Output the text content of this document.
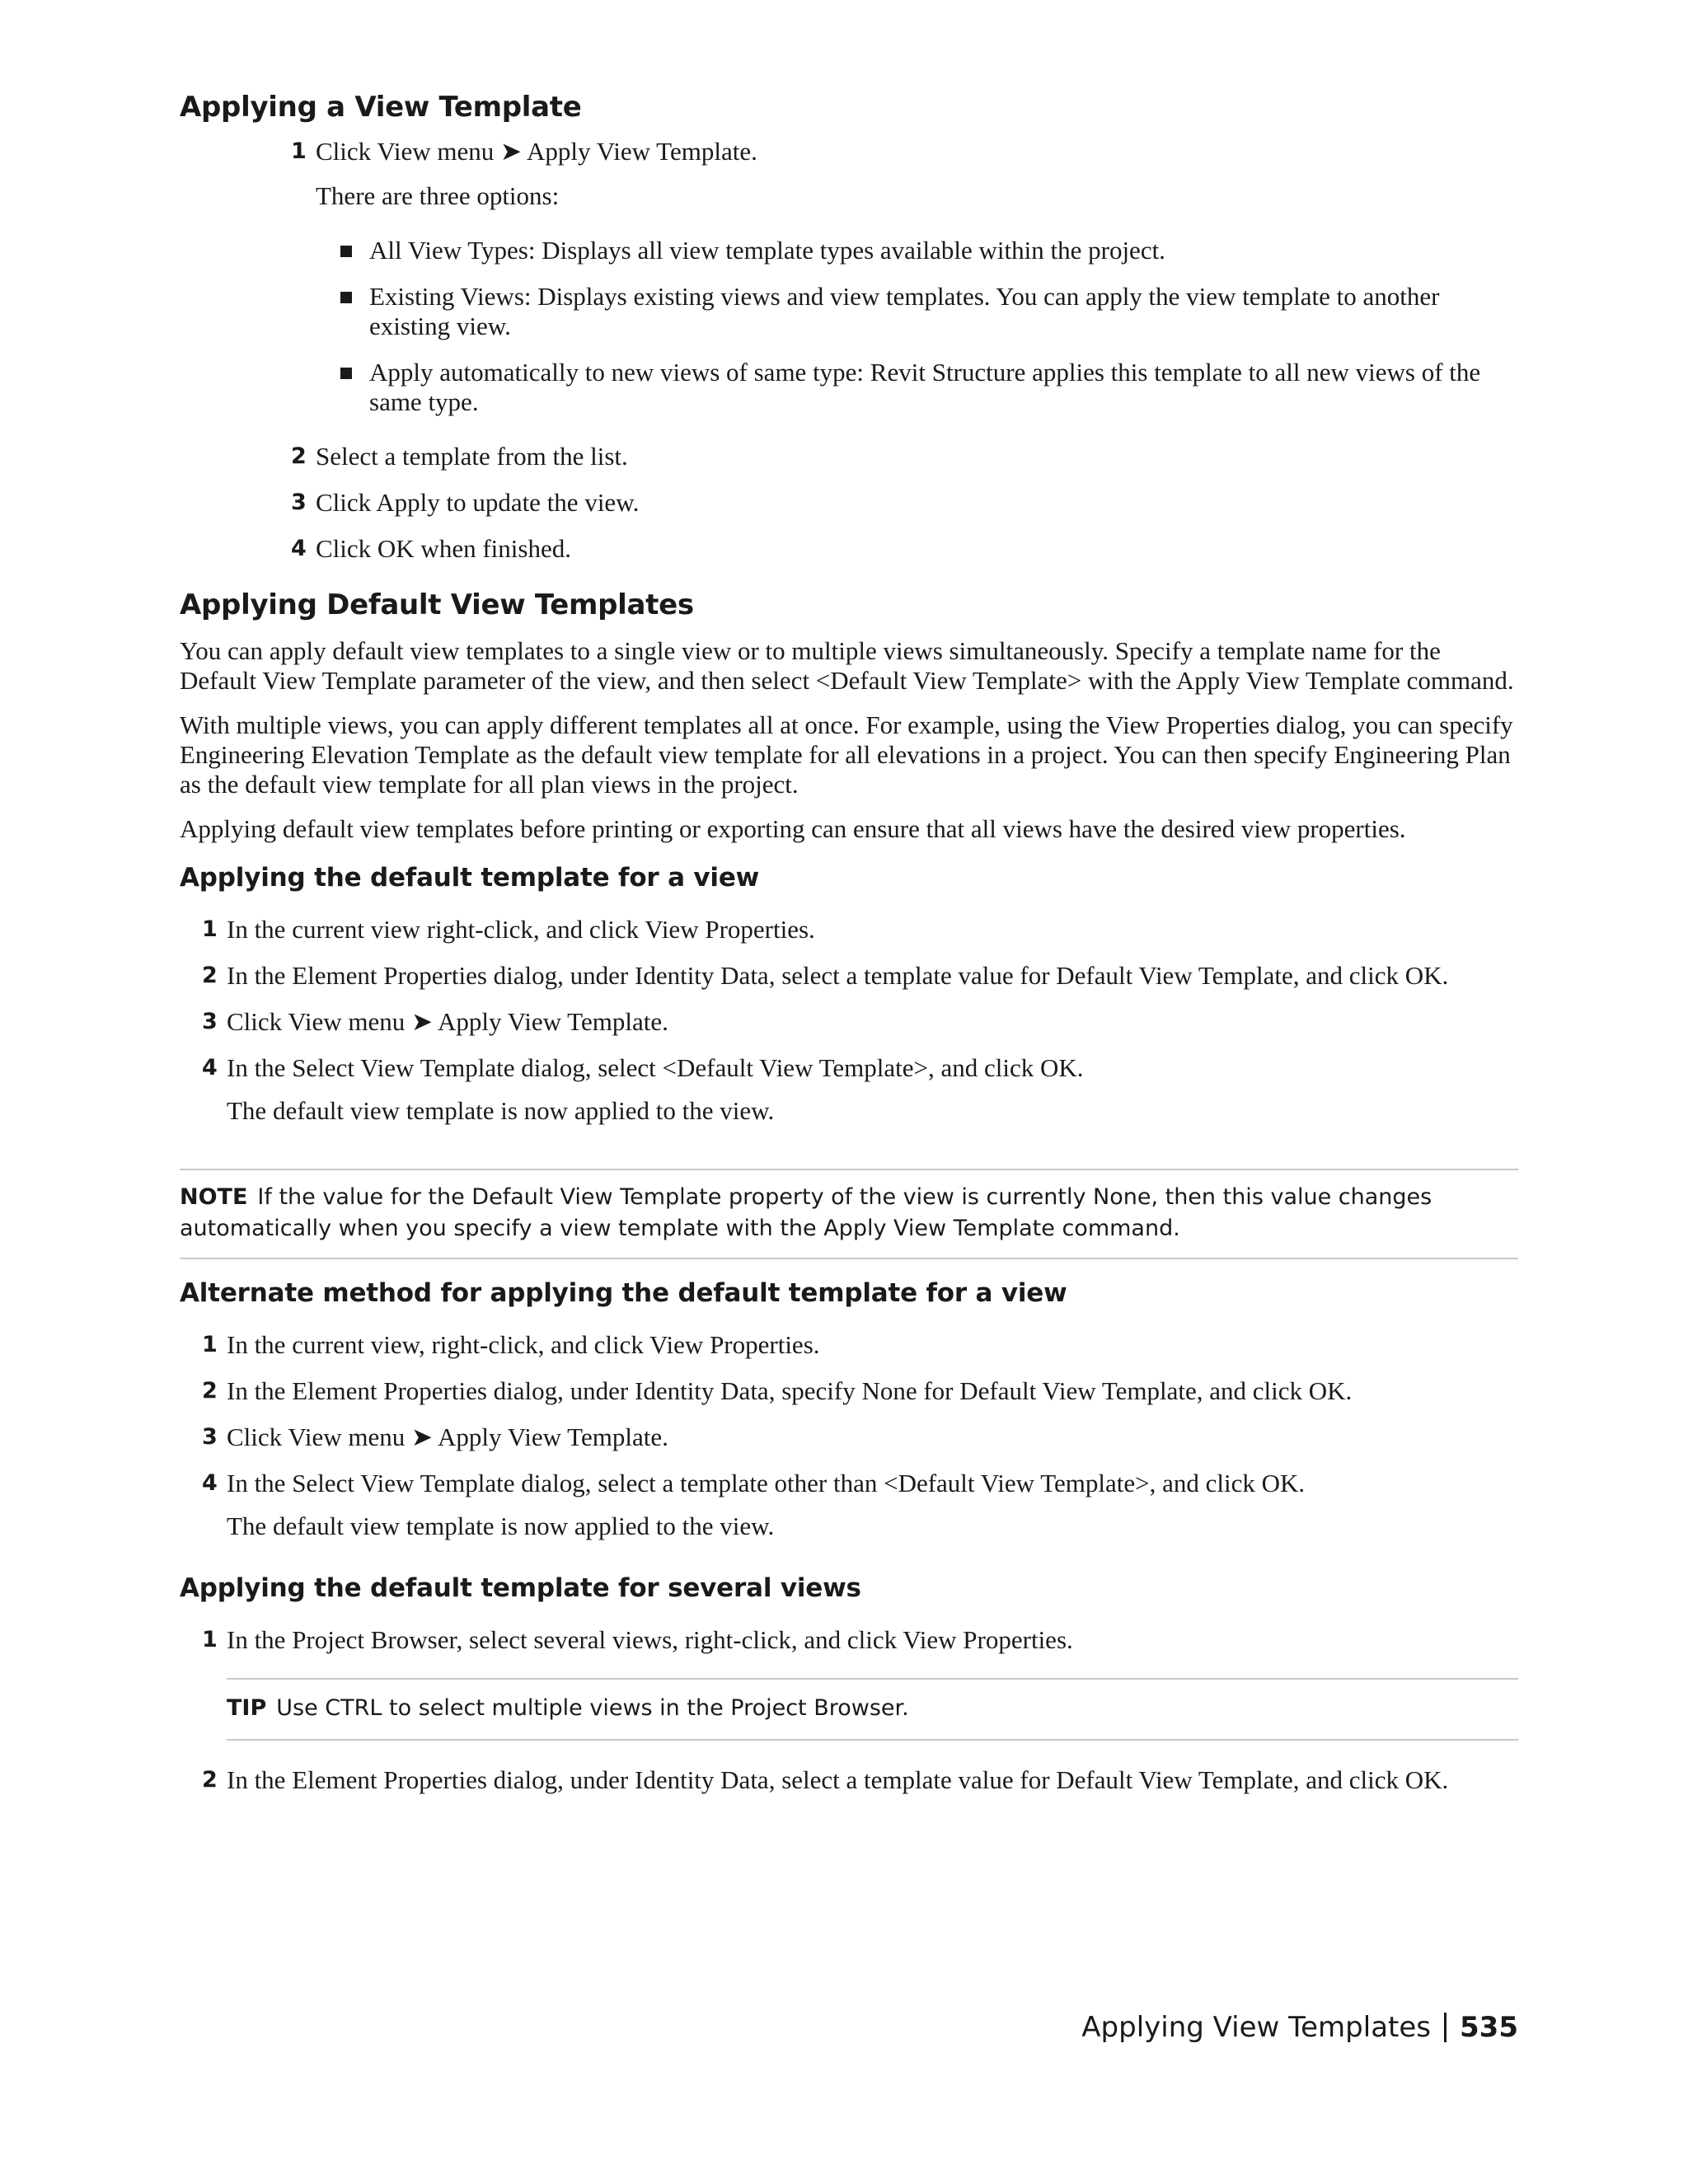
Applying a View Template
1 Click View menu ➤ Apply View Template.

There are three options:

All View Types: Displays all view template types available within the project.
Existing Views: Displays existing views and view templates. You can apply the view template to another existing view.
Apply automatically to new views of same type: Revit Structure applies this template to all new views of the same type.
2 Select a template from the list.
3 Click Apply to update the view.
4 Click OK when finished.
Applying Default View Templates

You can apply default view templates to a single view or to multiple views simultaneously. Specify a template name for the Default View Template parameter of the view, and then select <Default View Template> with the Apply View Template command.

With multiple views, you can apply different templates all at once. For example, using the View Properties dialog, you can specify Engineering Elevation Template as the default view template for all elevations in a project. You can then specify Engineering Plan as the default view template for all plan views in the project.

Applying default view templates before printing or exporting can ensure that all views have the desired view properties.

Applying the default template for a view
1 In the current view right-click, and click View Properties.
2 In the Element Properties dialog, under Identity Data, select a template value for Default View Template, and click OK.
3 Click View menu ➤ Apply View Template.
4 In the Select View Template dialog, select <Default View Template>, and click OK.

The default view template is now applied to the view.

NOTE If the value for the Default View Template property of the view is currently None, then this value changes automatically when you specify a view template with the Apply View Template command.
Alternate method for applying the default template for a view
1 In the current view, right-click, and click View Properties.
2 In the Element Properties dialog, under Identity Data, specify None for Default View Template, and click OK.
3 Click View menu ➤ Apply View Template.
4 In the Select View Template dialog, select a template other than <Default View Template>, and click OK.

The default view template is now applied to the view.

Applying the default template for several views
1 In the Project Browser, select several views, right-click, and click View Properties.
TIP Use CTRL to select multiple views in the Project Browser.
2 In the Element Properties dialog, under Identity Data, select a template value for Default View Template, and click OK.
Applying View Templates 535
